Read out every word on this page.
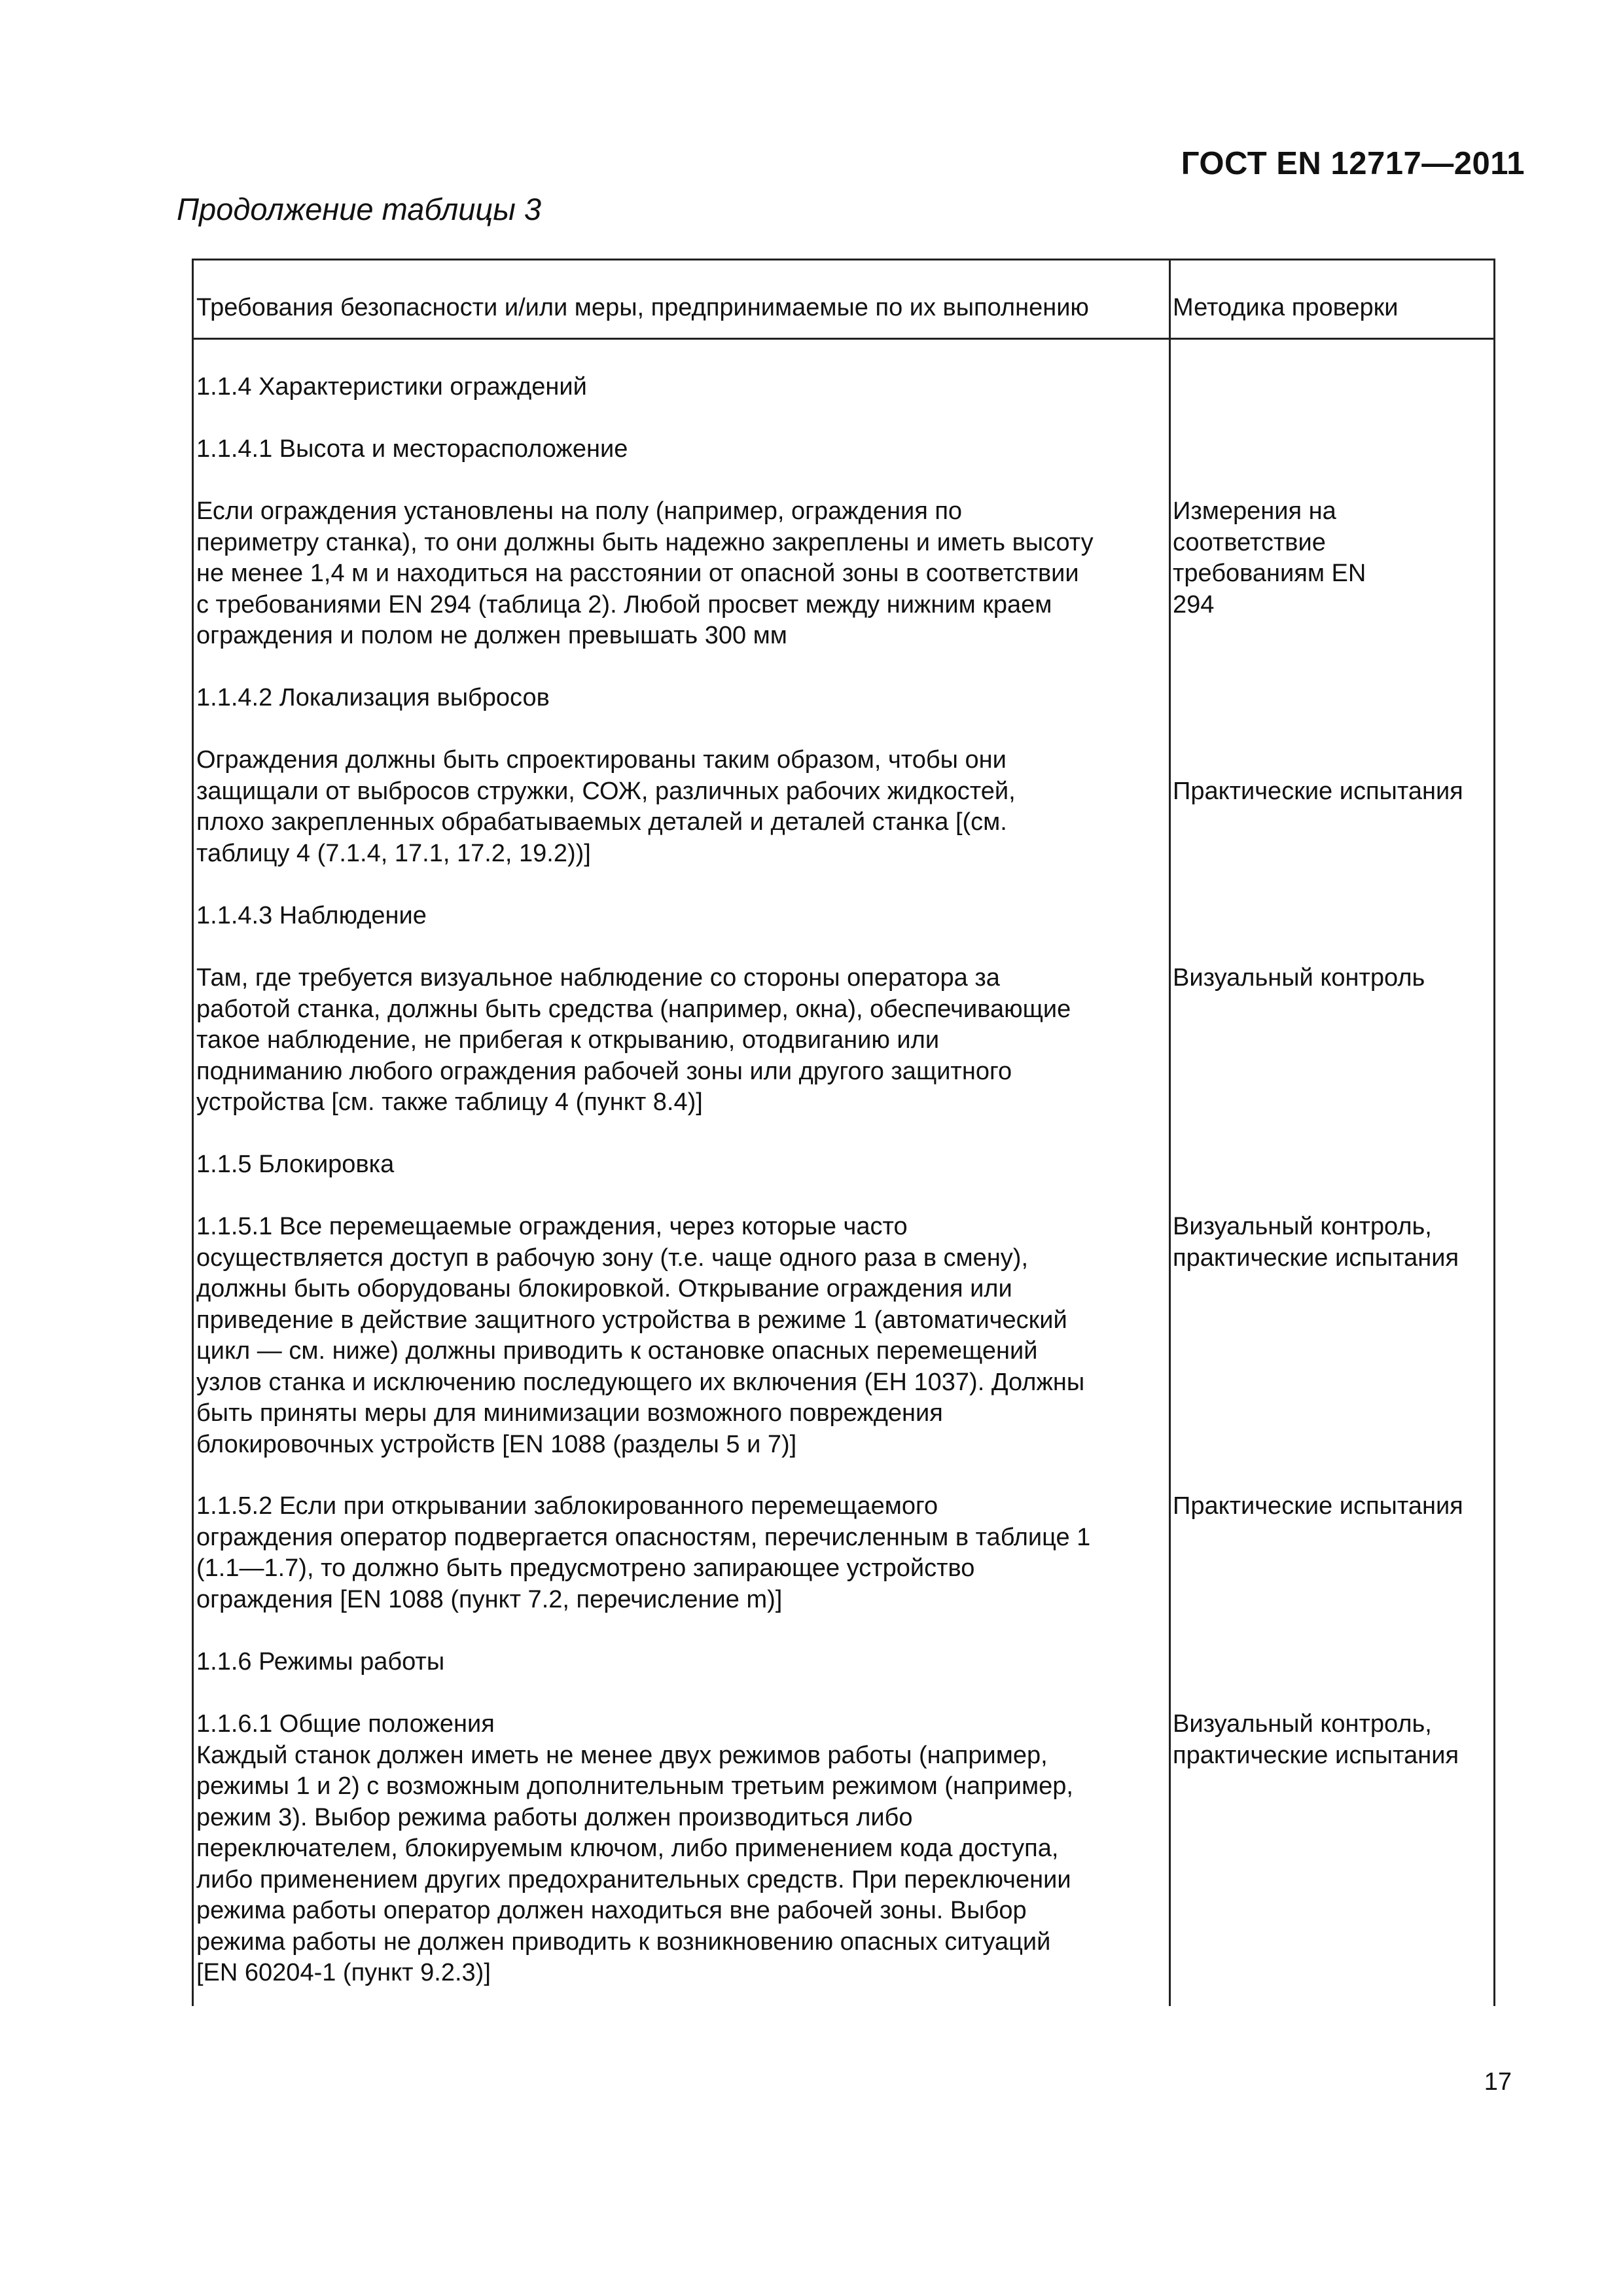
ГОСТ EN 12717—2011
Продолжение таблицы 3
Требования безопасности и/или меры, предпринимаемые по их выполнению	Методика проверки
1.1.4 Характеристики ограждений
1.1.4.1 Высота и месторасположение
Если ограждения установлены на полу (например, ограждения по
периметру станка), то они должны быть надежно закреплены и иметь высоту
не менее 1,4 м и находиться на расстоянии от опасной зоны в соответствии
с требованиями EN 294 (таблица 2). Любой просвет между нижним краем
ограждения и полом не должен превышать 300 мм
Измерения на
соответствие
требованиям EN
294
1.1.4.2 Локализация выбросов
Ограждения должны быть спроектированы таким образом, чтобы они
защищали от выбросов стружки, СОЖ, различных рабочих жидкостей,
плохо закрепленных обрабатываемых деталей и деталей станка [(см.
таблицу 4 (7.1.4, 17.1, 17.2, 19.2))]

Практические испытания
1.1.4.3 Наблюдение
Там, где требуется визуальное наблюдение со стороны оператора за
работой станка, должны быть средства (например, окна), обеспечивающие
такое наблюдение, не прибегая к открыванию, отодвиганию или
подниманию любого ограждения рабочей зоны или другого защитного
устройства [см. также таблицу 4 (пункт 8.4)]
Визуальный контроль
1.1.5 Блокировка
1.1.5.1 Все перемещаемые ограждения, через которые часто
осуществляется доступ в рабочую зону (т.е. чаще одного раза в смену),
должны быть оборудованы блокировкой. Открывание ограждения или
приведение в действие защитного устройства в режиме 1 (автоматический
цикл — см. ниже) должны приводить к остановке опасных перемещений
узлов станка и исключению последующего их включения (ЕН 1037). Должны
быть приняты меры для минимизации возможного повреждения
блокировочных устройств [EN 1088 (разделы 5 и 7)]
Визуальный контроль,
практические испытания
1.1.5.2 Если при открывании заблокированного перемещаемого
ограждения оператор подвергается опасностям, перечисленным в таблице 1
(1.1—1.7), то должно быть предусмотрено запирающее устройство
ограждения [EN 1088 (пункт 7.2, перечисление m)]
Практические испытания
1.1.6 Режимы работы
1.1.6.1 Общие положения
Каждый станок должен иметь не менее двух режимов работы (например,
режимы 1 и 2) с возможным дополнительным третьим режимом (например,
режим 3). Выбор режима работы должен производиться либо
переключателем, блокируемым ключом, либо применением кода доступа,
либо применением других предохранительных средств. При переключении
режима работы оператор должен находиться вне рабочей зоны. Выбор
режима работы не должен приводить к возникновению опасных ситуаций
[EN 60204-1 (пункт 9.2.3)]
Визуальный контроль,
практические испытания
17
